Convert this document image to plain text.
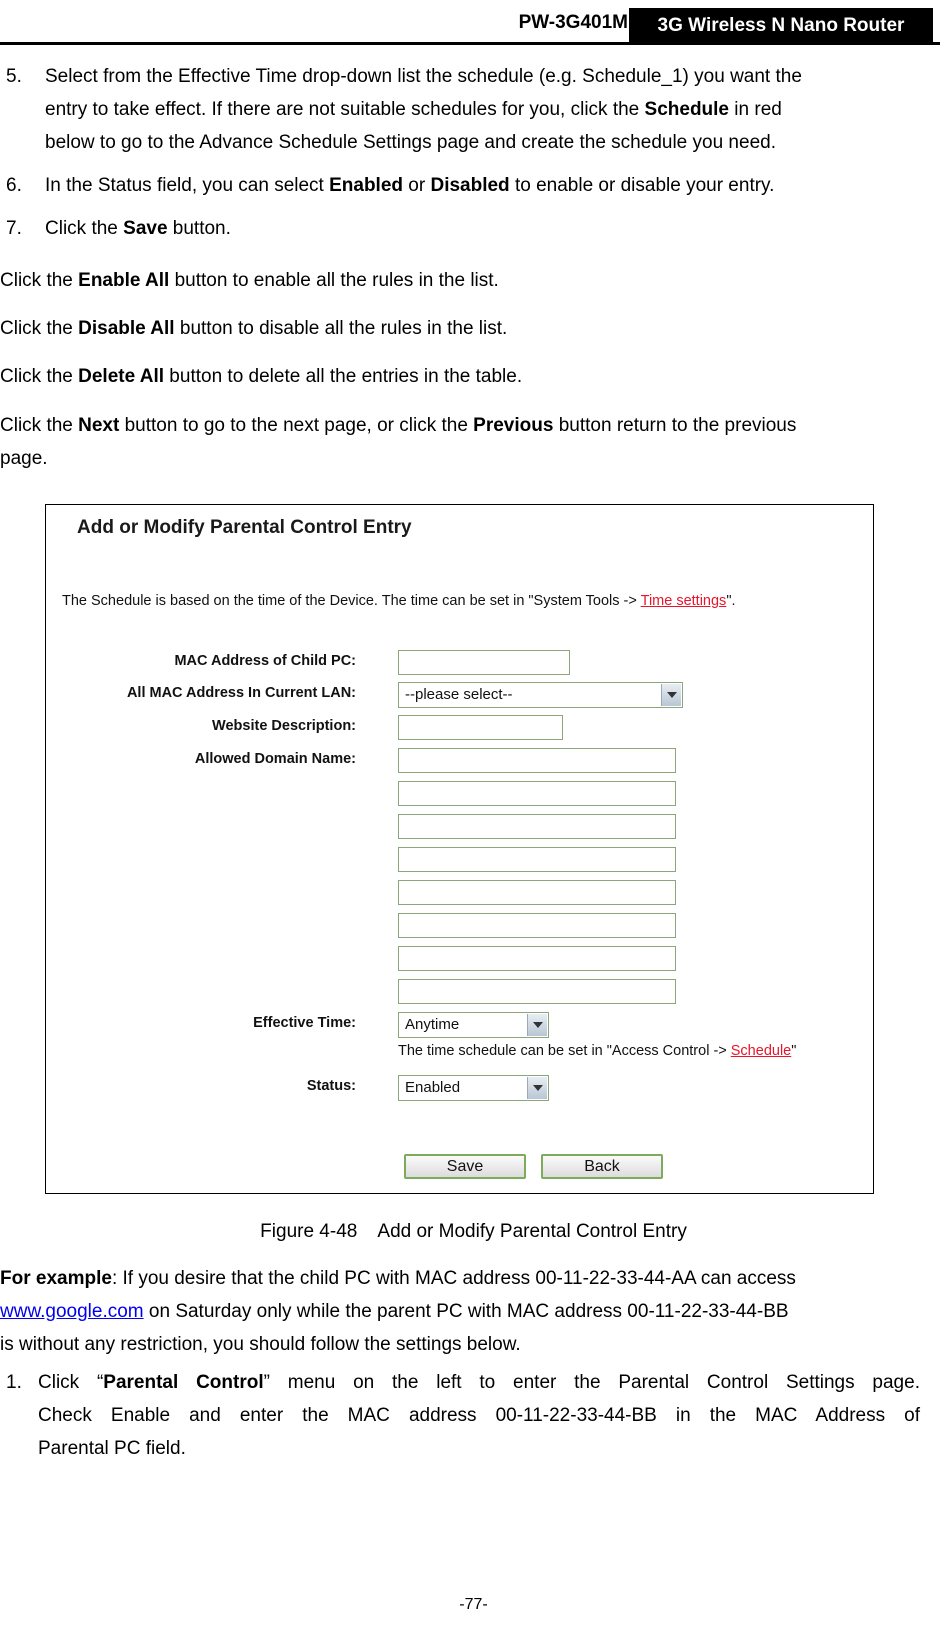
PW-3G401M	3G Wireless N Nano Router
5. Select from the Effective Time drop-down list the schedule (e.g. Schedule_1) you want the
entry to take effect. If there are not suitable schedules for you, click the Schedule in red
below to go to the Advance Schedule Settings page and create the schedule you need.
6. In the Status field, you can select Enabled or Disabled to enable or disable your entry.
7. Click the Save button.
Click the Enable All button to enable all the rules in the list.
Click the Disable All button to disable all the rules in the list.
Click the Delete All button to delete all the entries in the table.
Click the Next button to go to the next page, or click the Previous button return to the previous
page.
Add or Modify Parental Control Entry
The Schedule is based on the time of the Device. The time can be set in "System Tools -> Time settings".
MAC Address of Child PC:
All MAC Address In Current LAN:	--please select--
Website Description:
Allowed Domain Name:
Effective Time:	Anytime
The time schedule can be set in "Access Control -> Schedule"
Status:	Enabled
Save	Back
Figure 4-48    Add or Modify Parental Control Entry
For example: If you desire that the child PC with MAC address 00-11-22-33-44-AA can access
www.google.com on Saturday only while the parent PC with MAC address 00-11-22-33-44-BB
is without any restriction, you should follow the settings below.
1. Click “Parental Control” menu on the left to enter the Parental Control Settings page.
Check Enable and enter the MAC address 00-11-22-33-44-BB in the MAC Address of
Parental PC field.
-77-
